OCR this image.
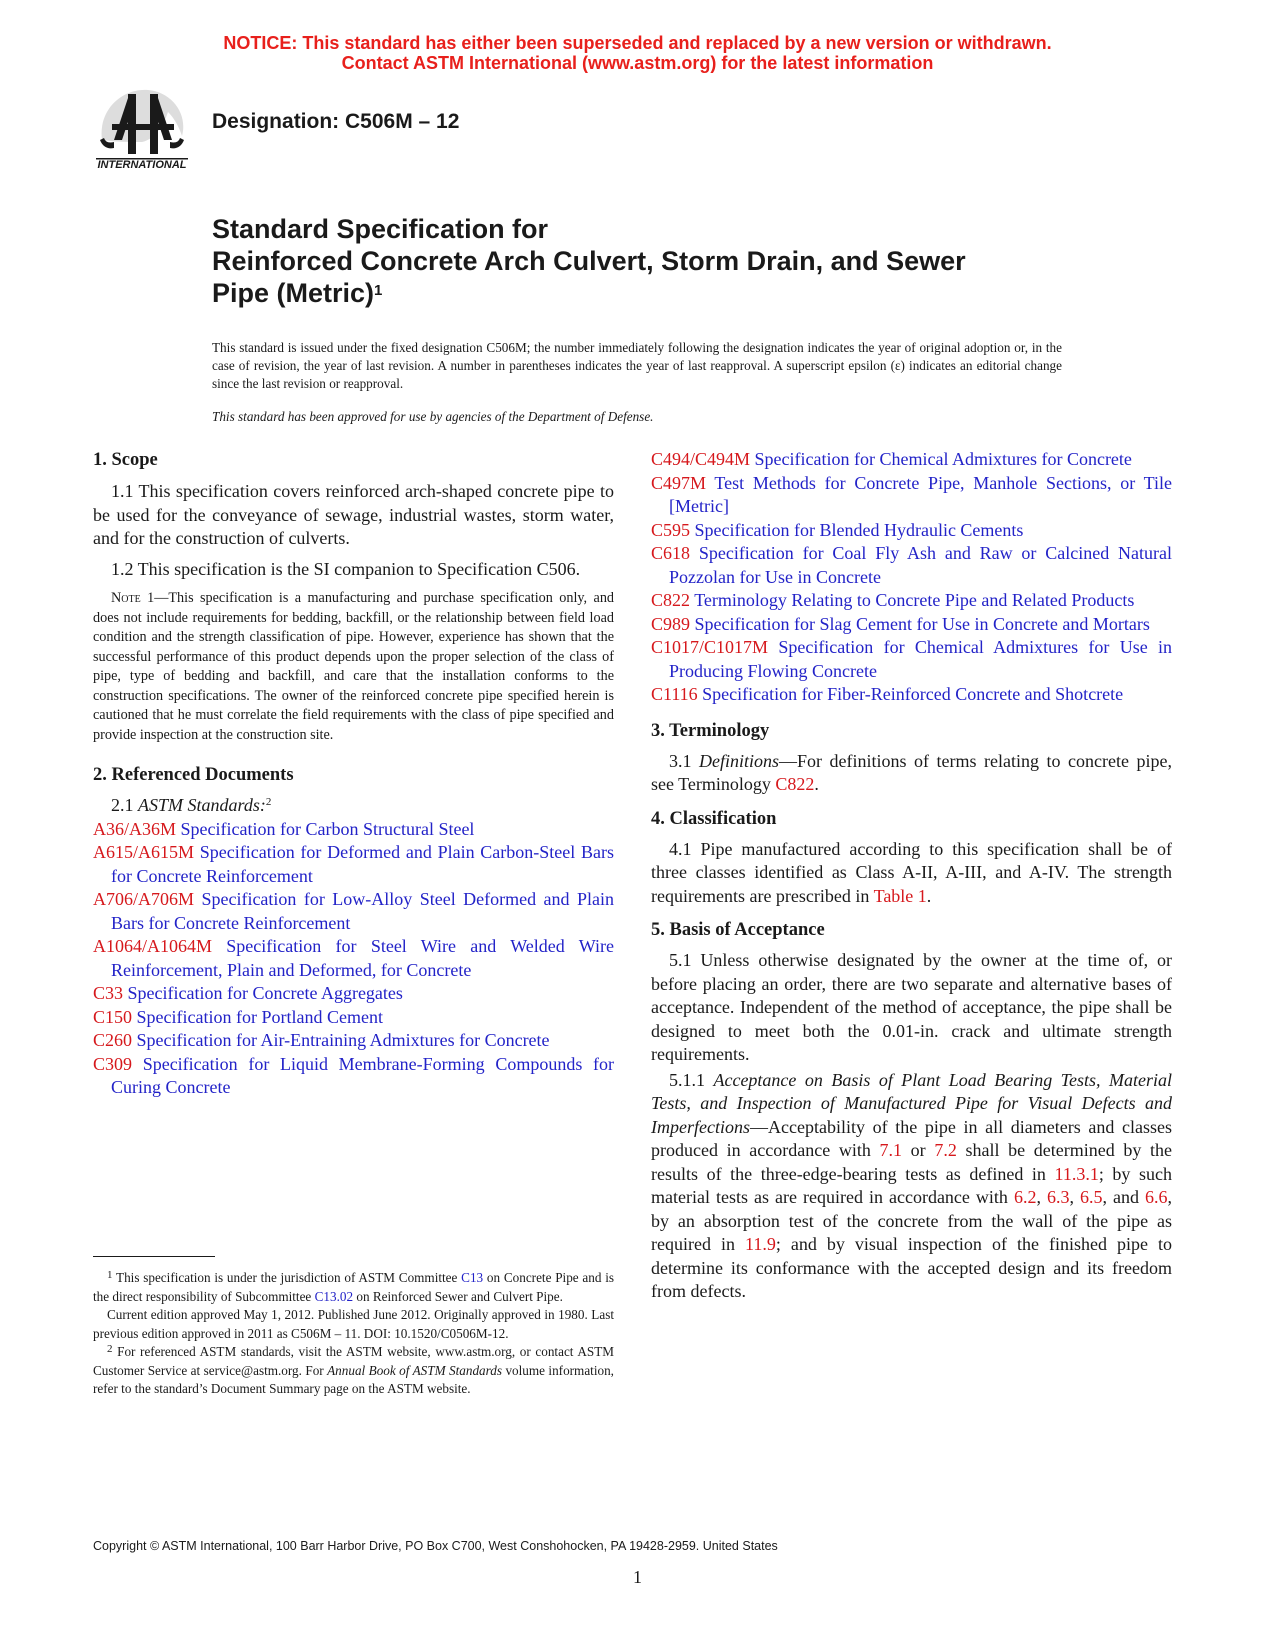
NOTICE: This standard has either been superseded and replaced by a new version or withdrawn.
Contact ASTM International (www.astm.org) for the latest information
INTERNATIONAL
Designation: C506M – 12
Standard Specification for
Reinforced Concrete Arch Culvert, Storm Drain, and Sewer
Pipe (Metric)$^1$
This standard is issued under the fixed designation C506M; the number immediately following the designation indicates the year of original adoption or, in the case of revision, the year of last revision. A number in parentheses indicates the year of last reapproval. A superscript epsilon (ε) indicates an editorial change since the last revision or reapproval.
This standard has been approved for use by agencies of the Department of Defense.
1. Scope
1.1 This specification covers reinforced arch-shaped concrete pipe to be used for the conveyance of sewage, industrial wastes, storm water, and for the construction of culverts.
1.2 This specification is the SI companion to Specification C506.
Note 1—This specification is a manufacturing and purchase specification only, and does not include requirements for bedding, backfill, or the relationship between field load condition and the strength classification of pipe. However, experience has shown that the successful performance of this product depends upon the proper selection of the class of pipe, type of bedding and backfill, and care that the installation conforms to the construction specifications. The owner of the reinforced concrete pipe specified herein is cautioned that he must correlate the field requirements with the class of pipe specified and provide inspection at the construction site.
2. Referenced Documents
2.1 ASTM Standards:$^2$
A36/A36M Specification for Carbon Structural Steel
A615/A615M Specification for Deformed and Plain Carbon-Steel Bars for Concrete Reinforcement
A706/A706M Specification for Low-Alloy Steel Deformed and Plain Bars for Concrete Reinforcement
A1064/A1064M Specification for Steel Wire and Welded Wire Reinforcement, Plain and Deformed, for Concrete
C33 Specification for Concrete Aggregates
C150 Specification for Portland Cement
C260 Specification for Air-Entraining Admixtures for Concrete
C309 Specification for Liquid Membrane-Forming Compounds for Curing Concrete
C494/C494M Specification for Chemical Admixtures for Concrete
C497M Test Methods for Concrete Pipe, Manhole Sections, or Tile [Metric]
C595 Specification for Blended Hydraulic Cements
C618 Specification for Coal Fly Ash and Raw or Calcined Natural Pozzolan for Use in Concrete
C822 Terminology Relating to Concrete Pipe and Related Products
C989 Specification for Slag Cement for Use in Concrete and Mortars
C1017/C1017M Specification for Chemical Admixtures for Use in Producing Flowing Concrete
C1116 Specification for Fiber-Reinforced Concrete and Shotcrete
3. Terminology
3.1 Definitions—For definitions of terms relating to concrete pipe, see Terminology C822.
4. Classification
4.1 Pipe manufactured according to this specification shall be of three classes identified as Class A-II, A-III, and A-IV. The strength requirements are prescribed in Table 1.
5. Basis of Acceptance
5.1 Unless otherwise designated by the owner at the time of, or before placing an order, there are two separate and alternative bases of acceptance. Independent of the method of acceptance, the pipe shall be designed to meet both the 0.01-in. crack and ultimate strength requirements.
5.1.1 Acceptance on Basis of Plant Load Bearing Tests, Material Tests, and Inspection of Manufactured Pipe for Visual Defects and Imperfections—Acceptability of the pipe in all diameters and classes produced in accordance with 7.1 or 7.2 shall be determined by the results of the three-edge-bearing tests as defined in 11.3.1; by such material tests as are required in accordance with 6.2, 6.3, 6.5, and 6.6, by an absorption test of the concrete from the wall of the pipe as required in 11.9; and by visual inspection of the finished pipe to determine its conformance with the accepted design and its freedom from defects.
$^1$ This specification is under the jurisdiction of ASTM Committee C13 on Concrete Pipe and is the direct responsibility of Subcommittee C13.02 on Reinforced Sewer and Culvert Pipe.
Current edition approved May 1, 2012. Published June 2012. Originally approved in 1980. Last previous edition approved in 2011 as C506M – 11. DOI: 10.1520/C0506M-12.
$^2$ For referenced ASTM standards, visit the ASTM website, www.astm.org, or contact ASTM Customer Service at service@astm.org. For Annual Book of ASTM Standards volume information, refer to the standard’s Document Summary page on the ASTM website.
Copyright © ASTM International, 100 Barr Harbor Drive, PO Box C700, West Conshohocken, PA 19428-2959. United States
1
